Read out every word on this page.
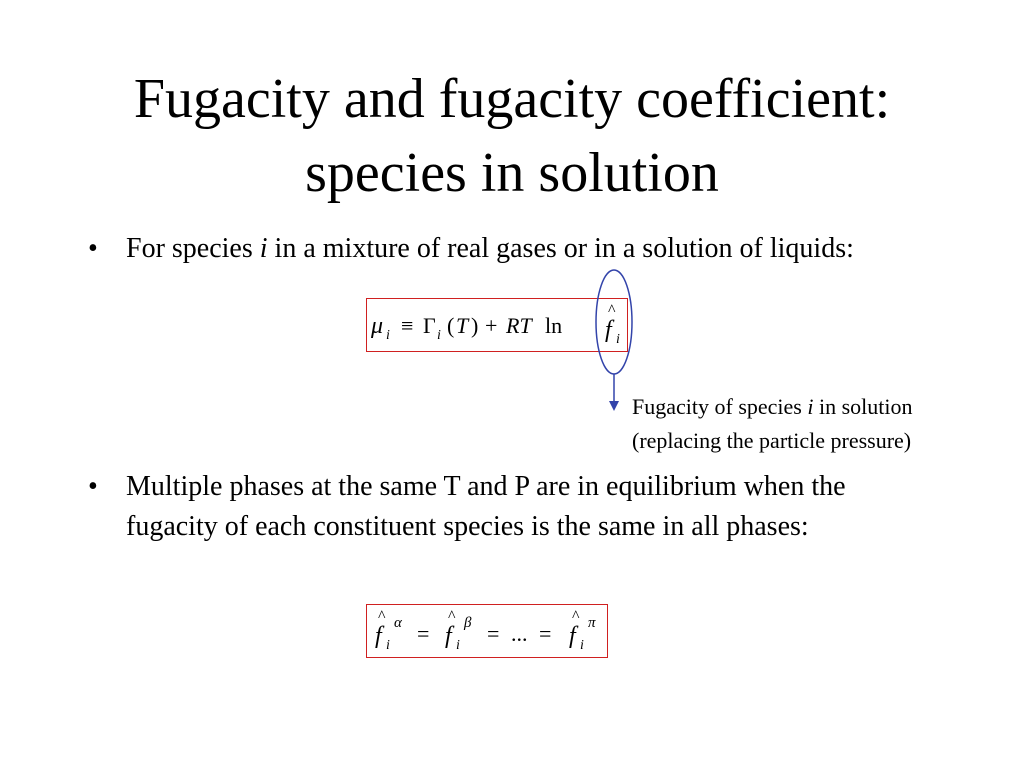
Fugacity and fugacity coefficient:
species in solution
• For species i in a mixture of real gases or in a solution of liquids:
μ i ≡ Γ i ( T ) + RT ln
^
f i
Fugacity of species i in solution
(replacing the particle pressure)
• Multiple phases at the same T and P are in equilibrium when the fugacity of each constituent species is the same in all phases:
^
f i
α =
^
f i
β = ... =
^
f i
π
